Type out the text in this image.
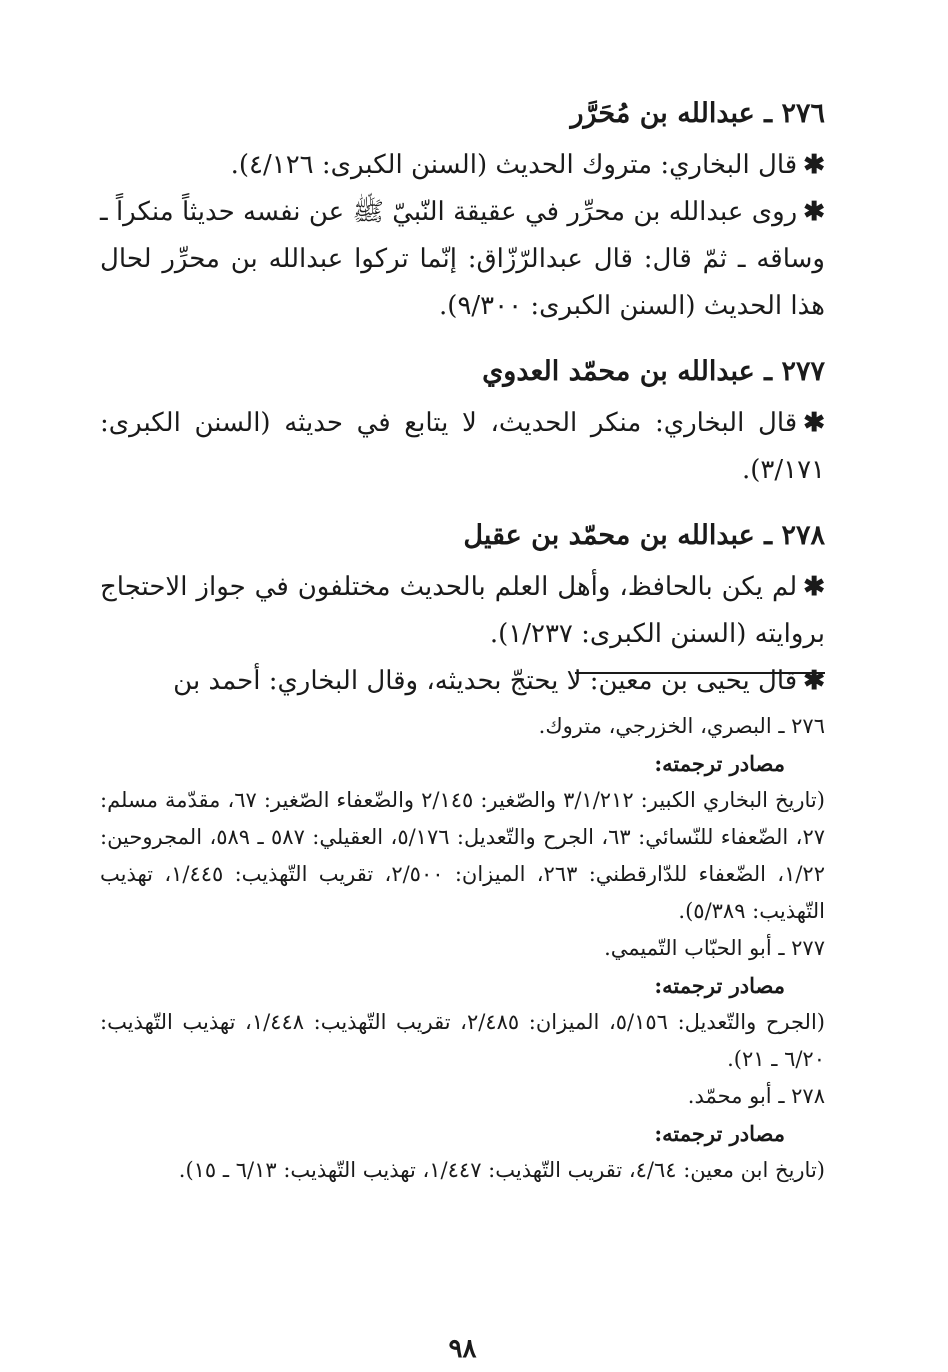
٢٧٦ ـ عبدالله بن مُحَرَّر

✱قال البخاري: متروك الحديث (السنن الكبرى: ٤/١٢٦).

✱روى عبدالله بن محرِّر في عقيقة النّبيّ ﷺ عن نفسه حديثاً منكراً ـ وساقه ـ ثمّ قال: قال عبدالرّزّاق: إنّما تركوا عبدالله بن محرِّر لحال هذا الحديث (السنن الكبرى: ٩/٣٠٠).

٢٧٧ ـ عبدالله بن محمّد العدوي

✱قال البخاري: منكر الحديث، لا يتابع في حديثه (السنن الكبرى: ٣/١٧١).

٢٧٨ ـ عبدالله بن محمّد بن عقيل

✱لم يكن بالحافظ، وأهل العلم بالحديث مختلفون في جواز الاحتجاج بروايته (السنن الكبرى: ١/٢٣٧).

✱قال يحيى بن معين: لا يحتجّ بحديثه، وقال البخاري: أحمد بن

٢٧٦ ـ البصري، الخزرجي، متروك.

مصادر ترجمته:

(تاريخ البخاري الكبير: ٣/١/٢١٢ والصّغير: ٢/١٤٥ والضّعفاء الصّغير: ٦٧، مقدّمة مسلم: ٢٧، الضّعفاء للنّسائي: ٦٣، الجرح والتّعديل: ٥/١٧٦، العقيلي: ٥٨٧ ـ ٥٨٩، المجروحين: ١/٢٢، الضّعفاء للدّارقطني: ٢٦٣، الميزان: ٢/٥٠٠، تقريب التّهذيب: ١/٤٤٥، تهذيب التّهذيب: ٥/٣٨٩).

٢٧٧ ـ أبو الحبّاب التّميمي.

مصادر ترجمته:

(الجرح والتّعديل: ٥/١٥٦، الميزان: ٢/٤٨٥، تقريب التّهذيب: ١/٤٤٨، تهذيب التّهذيب: ٦/٢٠ ـ ٢١).

٢٧٨ ـ أبو محمّد.

مصادر ترجمته:

(تاريخ ابن معين: ٤/٦٤، تقريب التّهذيب: ١/٤٤٧، تهذيب التّهذيب: ٦/١٣ ـ ١٥).

٩٨
